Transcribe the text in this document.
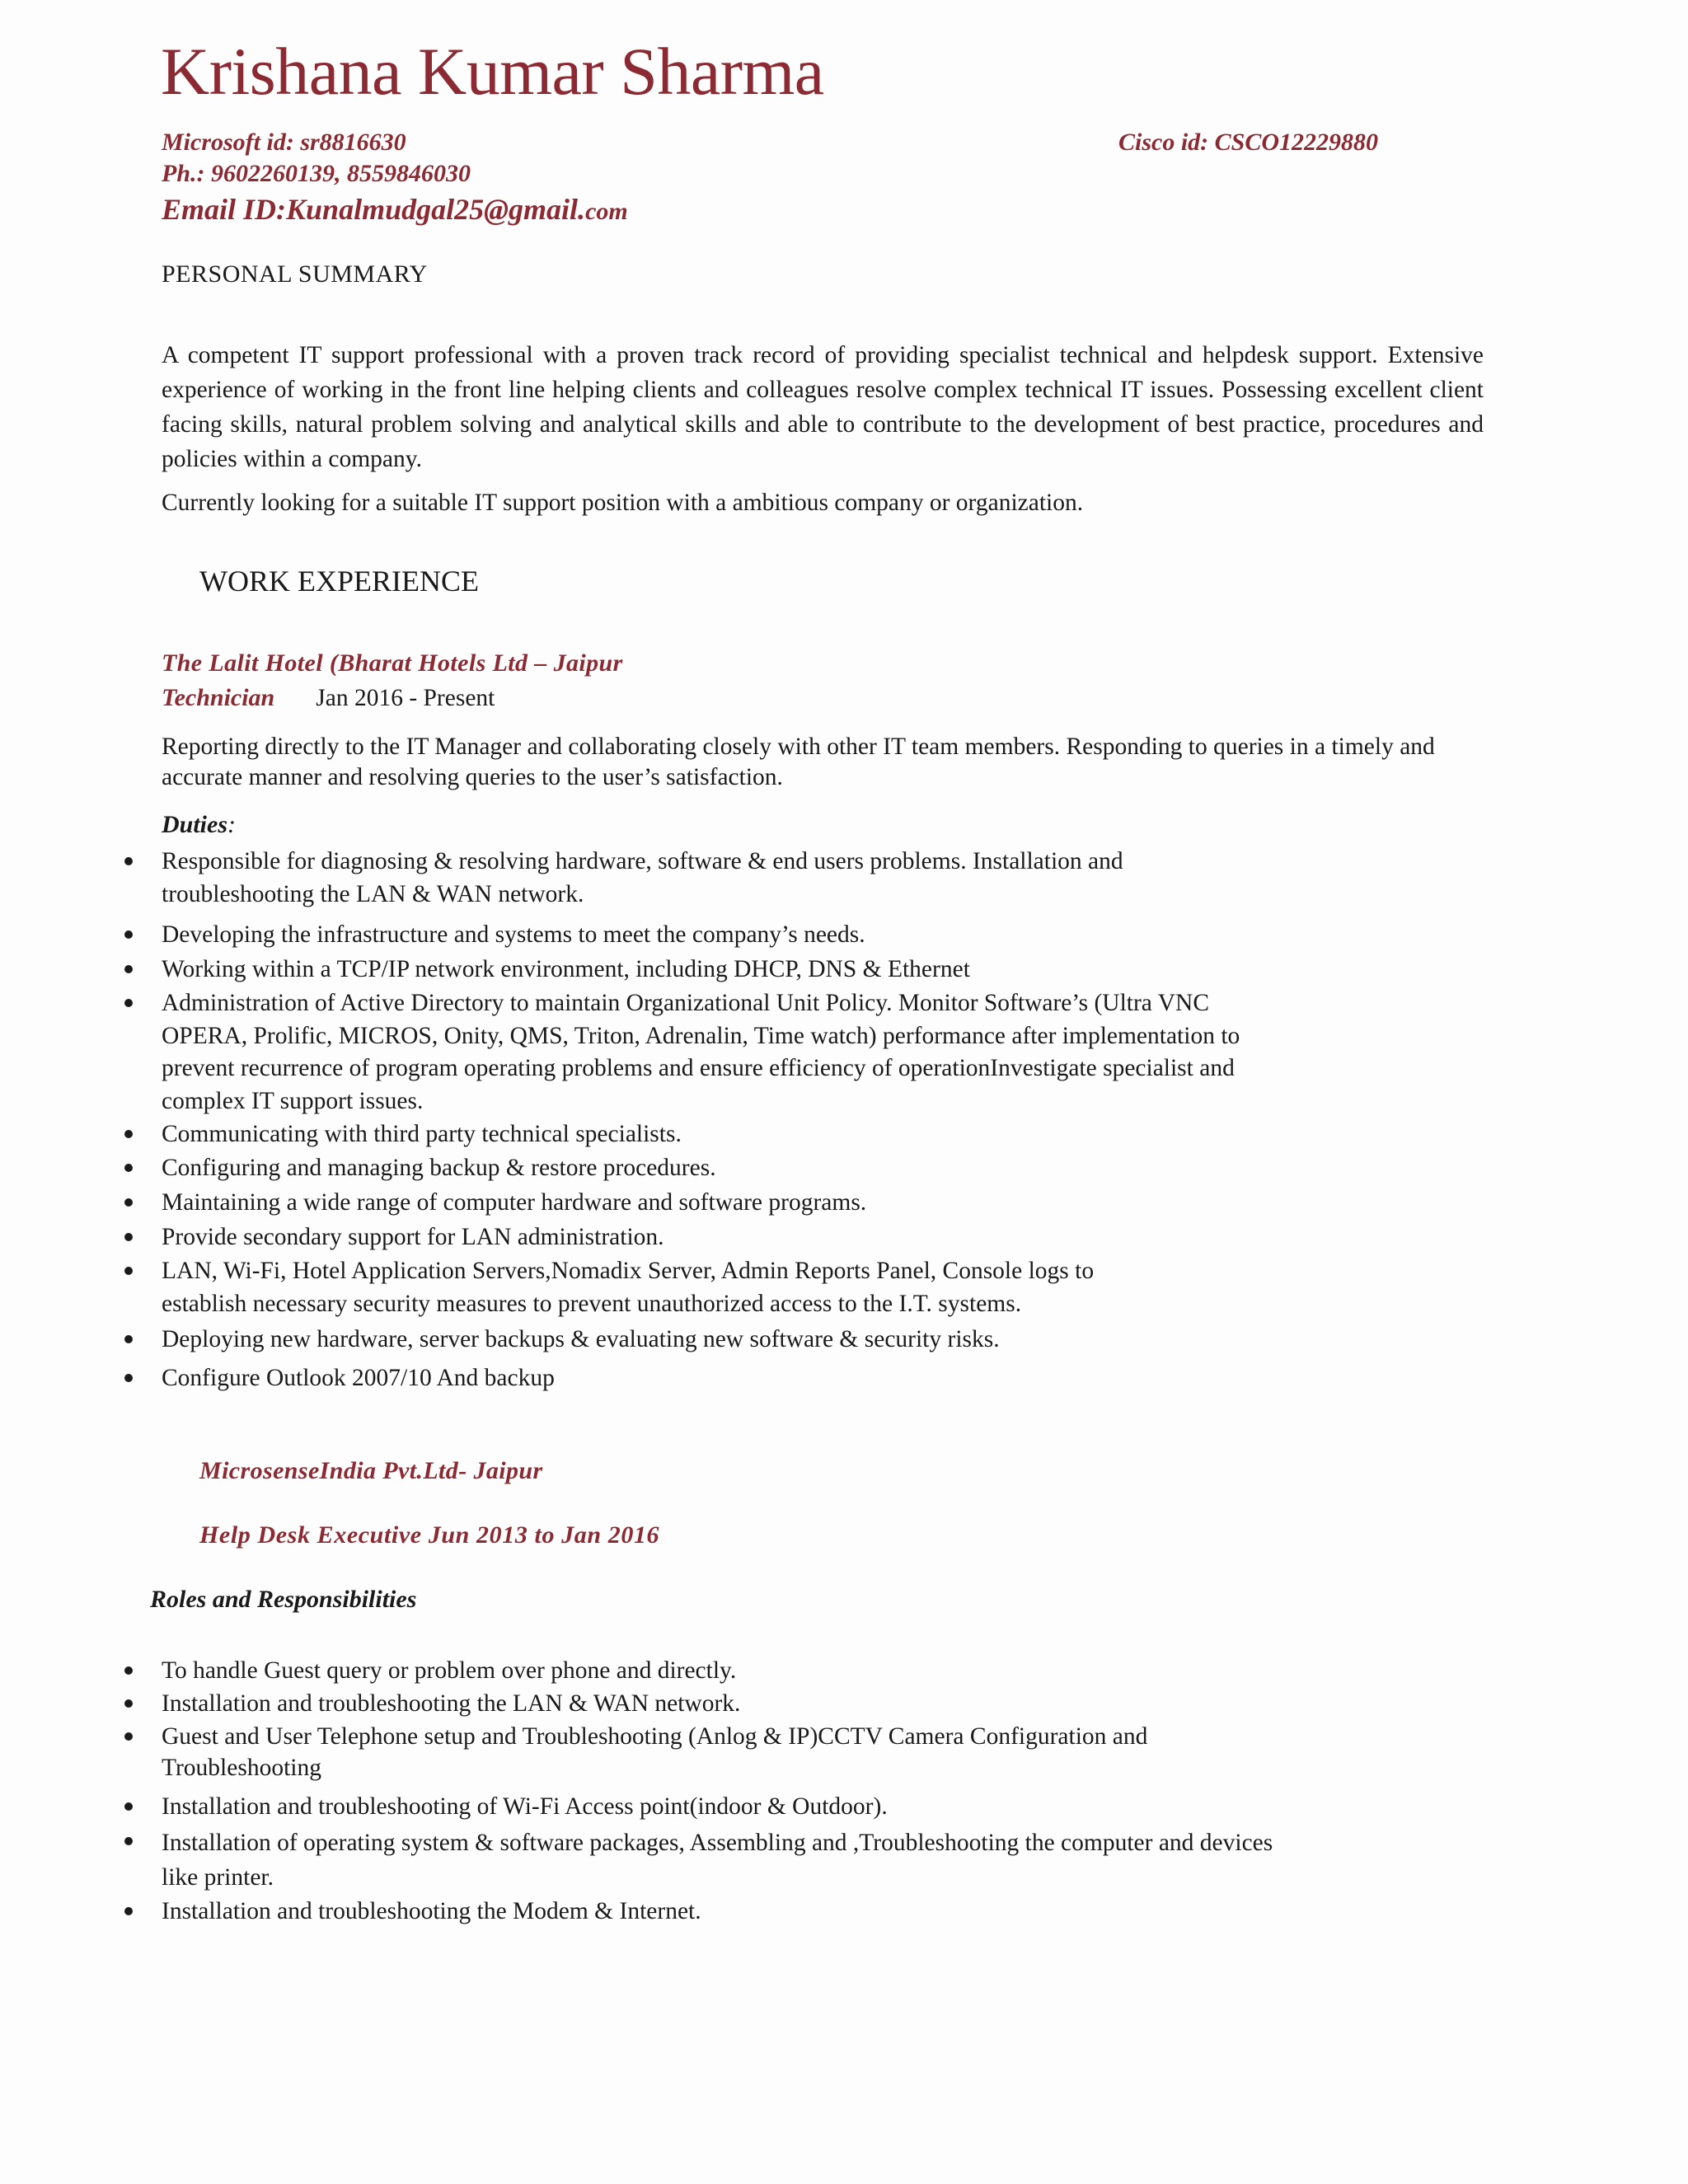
Krishana Kumar Sharma
Microsoft id: sr8816630	Cisco id: CSCO12229880
Ph.: 9602260139, 8559846030
Email ID:Kunalmudgal25@gmail.com
PERSONAL SUMMARY
A competent IT support professional with a proven track record of providing specialist technical and helpdesk support. Extensive experience of working in the front line helping clients and colleagues resolve complex technical IT issues. Possessing excellent client facing skills, natural problem solving and analytical skills and able to contribute to the development of best practice, procedures and policies within a company.
Currently looking for a suitable IT support position with a ambitious company or organization.
WORK EXPERIENCE
The Lalit Hotel (Bharat Hotels Ltd – Jaipur
Technician Jan 2016 - Present
Reporting directly to the IT Manager and collaborating closely with other IT team members. Responding to queries in a timely and accurate manner and resolving queries to the user’s satisfaction.
Duties:
Responsible for diagnosing & resolving hardware, software & end users problems. Installation and
troubleshooting the LAN & WAN network.
Developing the infrastructure and systems to meet the company’s needs.
Working within a TCP/IP network environment, including DHCP, DNS & Ethernet
Administration of Active Directory to maintain Organizational Unit Policy. Monitor Software’s (Ultra VNC
OPERA, Prolific, MICROS, Onity, QMS, Triton, Adrenalin, Time watch) performance after implementation to
prevent recurrence of program operating problems and ensure efficiency of operationInvestigate specialist and
complex IT support issues.
Communicating with third party technical specialists.
Configuring and managing backup & restore procedures.
Maintaining a wide range of computer hardware and software programs.
Provide secondary support for LAN administration.
LAN, Wi-Fi, Hotel Application Servers,Nomadix Server, Admin Reports Panel, Console logs to
establish necessary security measures to prevent unauthorized access to the I.T. systems.
Deploying new hardware, server backups & evaluating new software & security risks.
Configure Outlook 2007/10 And backup
MicrosenseIndia Pvt.Ltd- Jaipur
Help Desk Executive Jun 2013 to Jan 2016
Roles and Responsibilities
To handle Guest query or problem over phone and directly.
Installation and troubleshooting the LAN & WAN network.
Guest and User Telephone setup and Troubleshooting (Anlog & IP)CCTV Camera Configuration and
Troubleshooting
Installation and troubleshooting of Wi-Fi Access point(indoor & Outdoor).
Installation of operating system & software packages, Assembling and ,Troubleshooting the computer and devices
like printer.
Installation and troubleshooting the Modem & Internet.
